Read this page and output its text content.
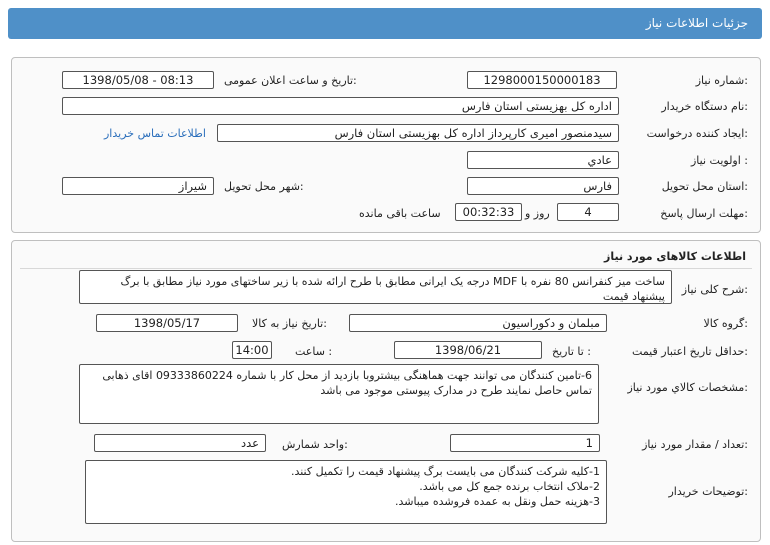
جزئیات اطلاعات نیاز
شماره نیاز:
1298000150000183
تاریخ و ساعت اعلان عمومی:
1398/05/08 - 08:13
نام دستگاه خریدار:
اداره کل بهزیستی استان فارس
ایجاد کننده درخواست:
سیدمنصور امیری کارپرداز اداره کل بهزیستی استان فارس
اطلاعات تماس خریدار
اولویت نیاز :
عادي
استان محل تحویل:
فارس
شهر محل تحویل:
شیراز
مهلت ارسال پاسخ:
4
روز و
00:32:33
ساعت باقی مانده
اطلاعات کالاهای مورد نیاز
شرح کلی نیاز:
ساخت میز کنفرانس 80 نفره با MDF درجه یک ایرانی مطابق با طرح ارائه شده با زیر ساختهای مورد نیاز مطابق با برگ پیشنهاد قیمت
گروه کالا:
مبلمان و دکوراسیون
تاریخ نیاز به کالا:
1398/05/17
حداقل تاریخ اعتبار قیمت:
تا تاریخ :
1398/06/21
ساعت :
14:00
مشخصات کالاي مورد نیاز:
6-تامین کنندگان می توانند جهت هماهنگی بیشتروبا بازدید از محل کار با شماره 09333860224 اقای ذهابی تماس حاصل نمایند طرح در مدارک پیوستی موجود می باشد
تعداد / مقدار مورد نیاز:
1
واحد شمارش:
عدد
توضیحات خریدار:
1-کلیه شرکت کنندگان می بایست برگ پیشنهاد قیمت را تکمیل کنند.
2-ملاک انتخاب برنده جمع کل می باشد.
3-هزینه حمل ونقل به عمده فروشده میباشد.
